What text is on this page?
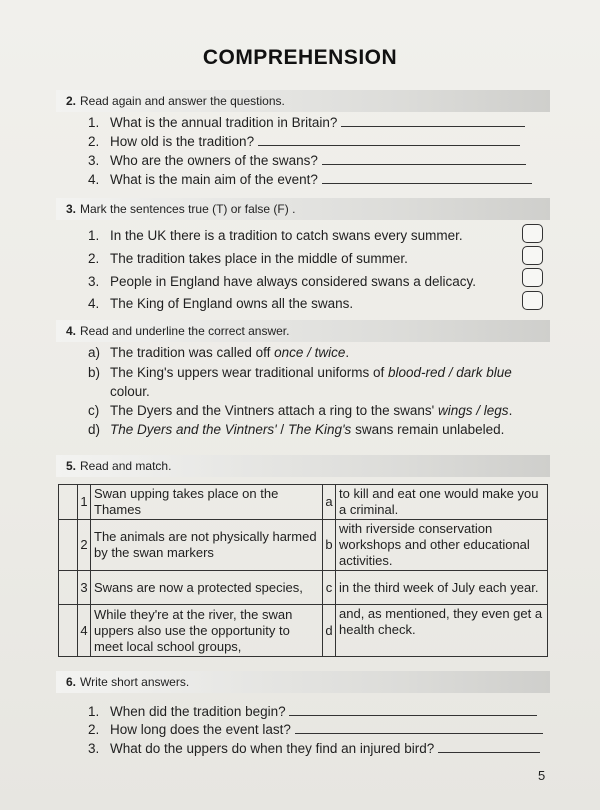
COMPREHENSION
2. Read again and answer the questions.
1. What is the annual tradition in Britain?
2. How old is the tradition?
3. Who are the owners of the swans?
4. What is the main aim of the event?
3. Mark the sentences true (T) or false (F) .
1. In the UK there is a tradition to catch swans every summer.
2. The tradition takes place in the middle of summer.
3. People in England have always considered swans a delicacy.
4. The King of England owns all the swans.
4. Read and underline the correct answer.
a) The tradition was called off once / twice.
b) The King's uppers wear traditional uniforms of blood-red / dark blue
colour.
c) The Dyers and the Vintners attach a ring to the swans' wings / legs.
d) The Dyers and the Vintners' / The King's swans remain unlabeled.
5. Read and match.
	1	Swan upping takes place on the Thames	a	to kill and eat one would make you a criminal.
	2	The animals are not physically harmed by the swan markers	b	with riverside conservation workshops and other educational activities.
	3	Swans are now a protected species,	c	in the third week of July each year.
	4	While they're at the river, the swan uppers also use the opportunity to meet local school groups,	d	and, as mentioned, they even get a health check.
6. Write short answers.
1. When did the tradition begin?
2. How long does the event last?
3. What do the uppers do when they find an injured bird?
5
